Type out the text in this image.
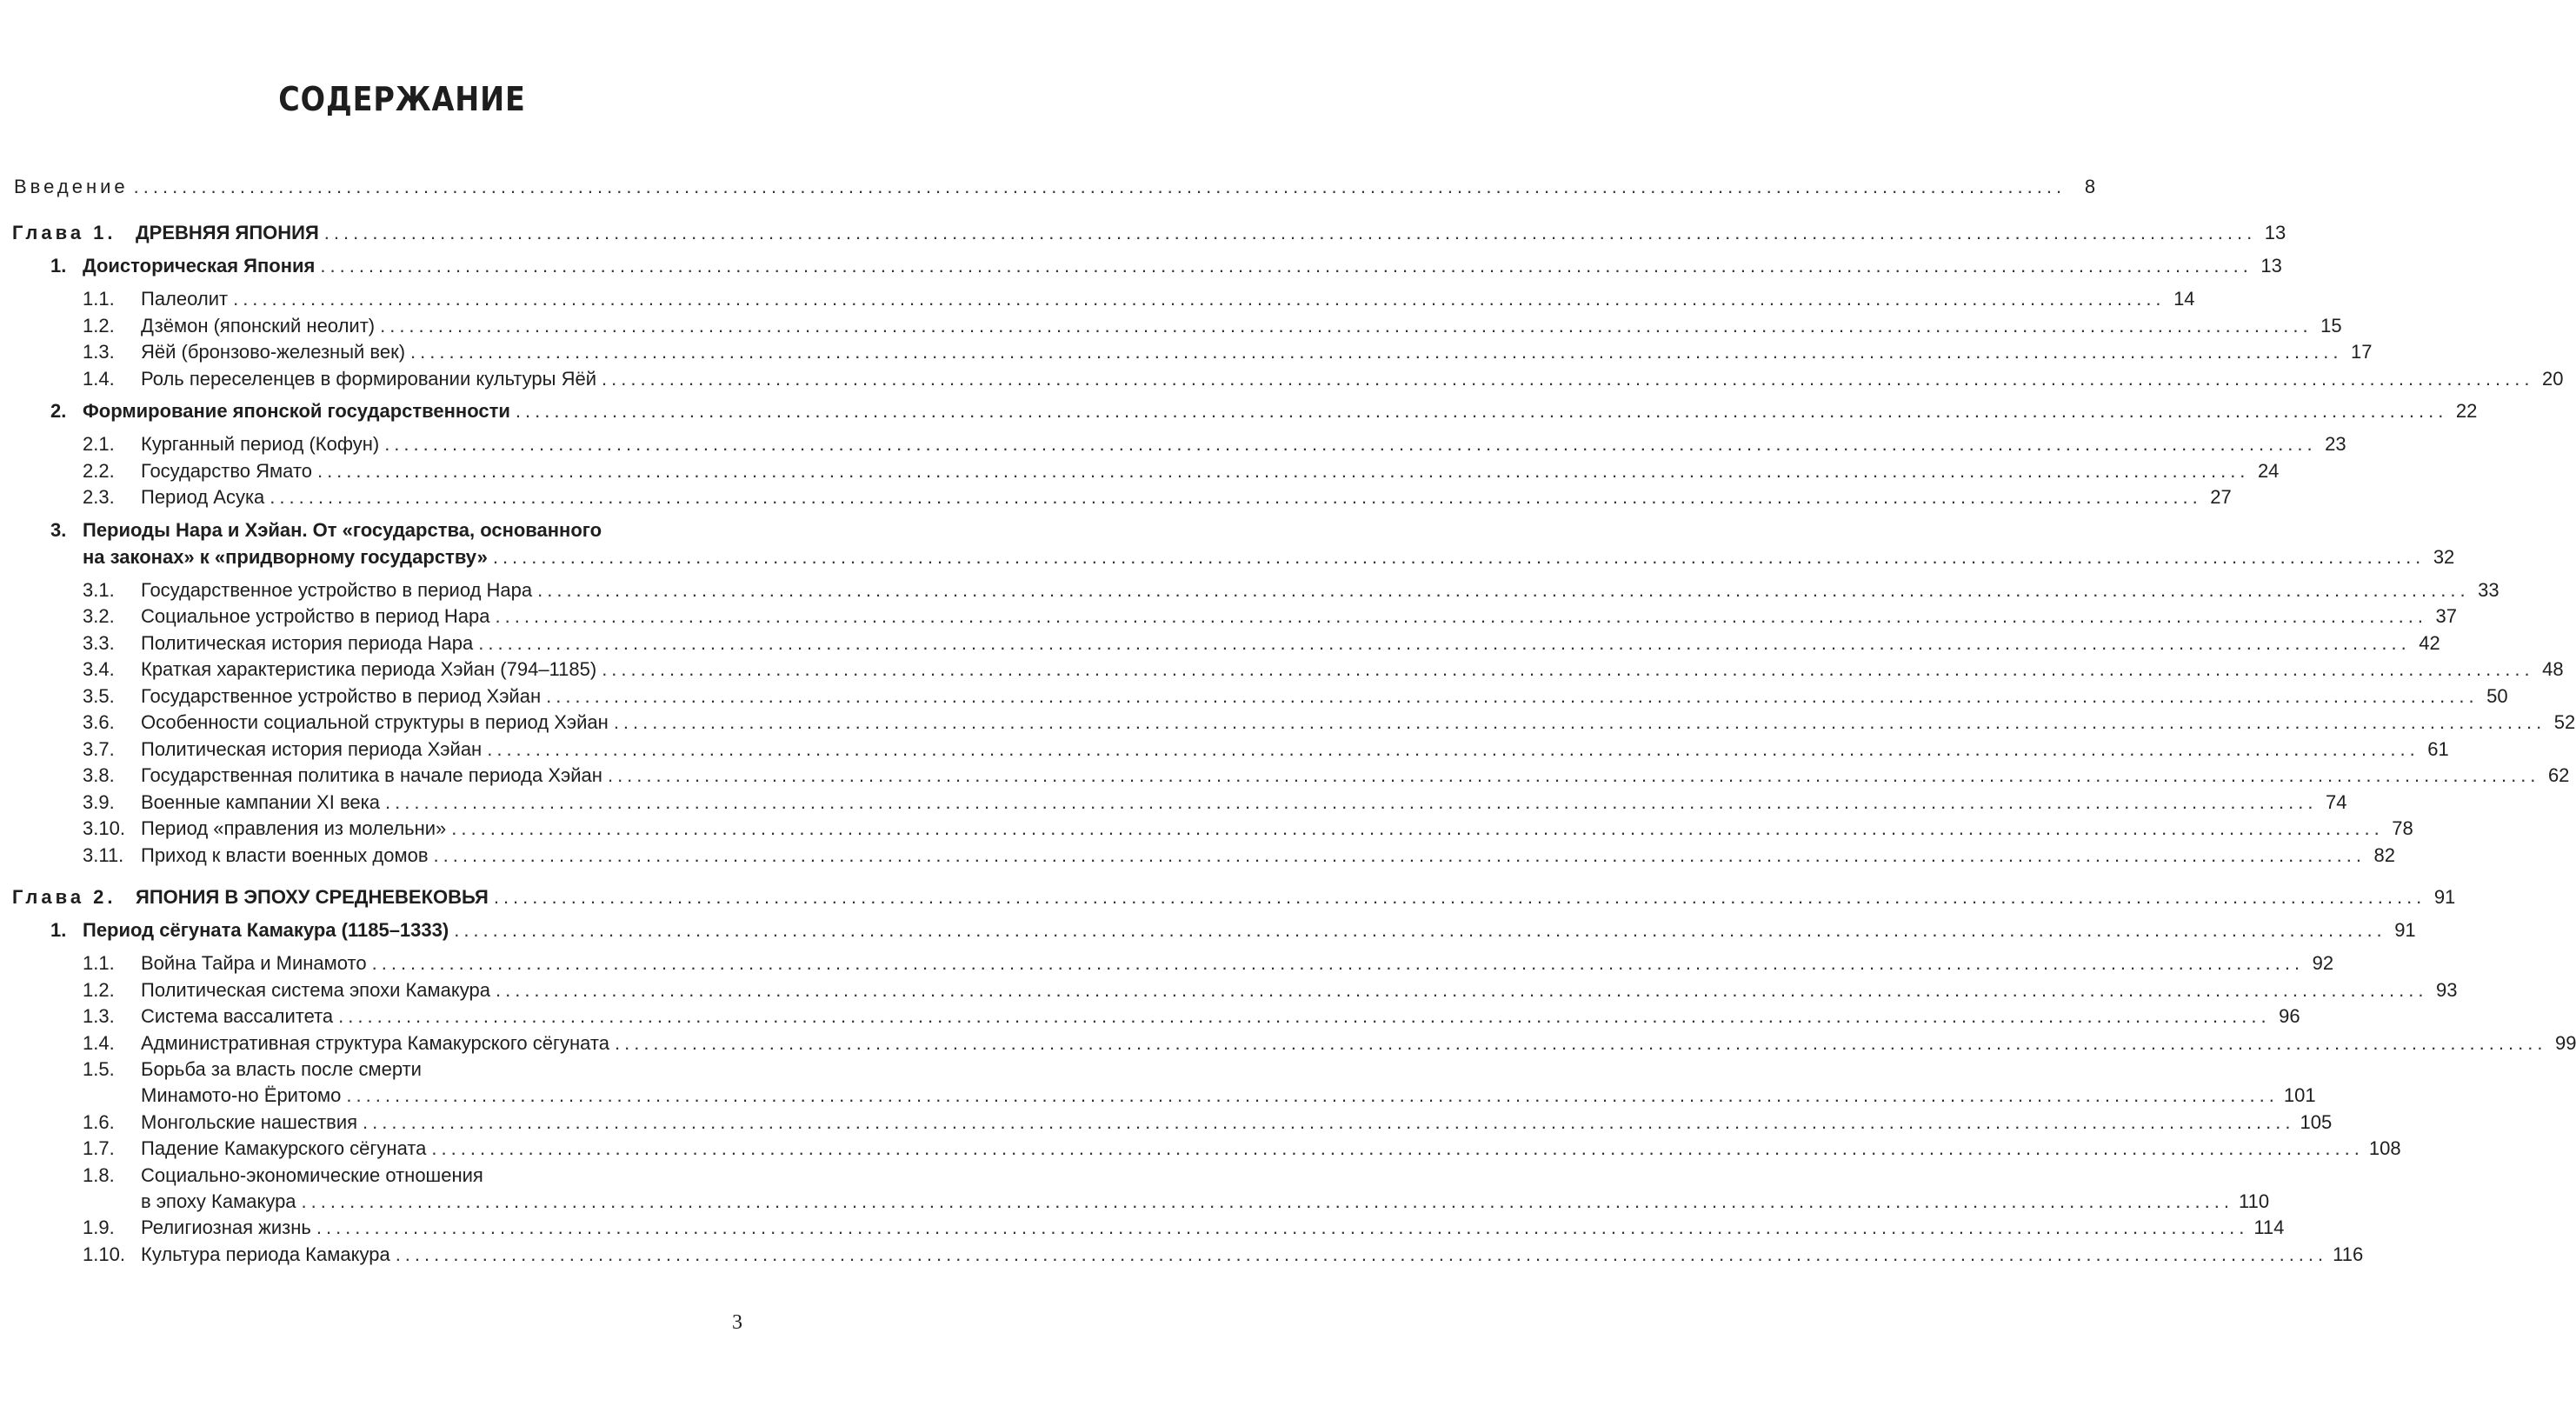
СОДЕРЖАНИЕ
Введение ........................................................................................................................................................................................................ 8
Глава 1.	ДРЕВНЯЯ ЯПОНИЯ ........................................................................................................................................................................................................ 13
1. Доисторическая Япония ........................................................................................................................................................................................................ 13
1.1.	Палеолит ........................................................................................................................................................................................................ 14
1.2.	Дзёмон (японский неолит) ........................................................................................................................................................................................................ 15
1.3.	Яёй (бронзово-железный век) ........................................................................................................................................................................................................ 17
1.4.	Роль переселенцев в формировании культуры Яёй ........................................................................................................................................................................................................ 20
2. Формирование японской государственности ........................................................................................................................................................................................................ 22
2.1.	Курганный период (Кофун) ........................................................................................................................................................................................................ 23
2.2.	Государство Ямато ........................................................................................................................................................................................................ 24
2.3.	Период Асука ........................................................................................................................................................................................................ 27
3. Периоды Нара и Хэйан. От «государства, основанного
на законах» к «придворному государству» ........................................................................................................................................................................................................ 32
3.1.	Государственное устройство в период Нара ........................................................................................................................................................................................................ 33
3.2.	Социальное устройство в период Нара ........................................................................................................................................................................................................ 37
3.3.	Политическая история периода Нара ........................................................................................................................................................................................................ 42
3.4.	Краткая характеристика периода Хэйан (794–1185) ........................................................................................................................................................................................................ 48
3.5.	Государственное устройство в период Хэйан ........................................................................................................................................................................................................ 50
3.6.	Особенности социальной структуры в период Хэйан ........................................................................................................................................................................................................ 52
3.7.	Политическая история периода Хэйан ........................................................................................................................................................................................................ 61
3.8.	Государственная политика в начале периода Хэйан ........................................................................................................................................................................................................ 62
3.9.	Военные кампании XI века ........................................................................................................................................................................................................ 74
3.10. Период «правления из молельни» ........................................................................................................................................................................................................ 78
3.11. Приход к власти военных домов ........................................................................................................................................................................................................ 82
Глава 2.	ЯПОНИЯ В ЭПОХУ СРЕДНЕВЕКОВЬЯ ........................................................................................................................................................................................................ 91
1. Период сёгуната Камакура (1185–1333) ........................................................................................................................................................................................................ 91
1.1.	Война Тайра и Минамото ........................................................................................................................................................................................................ 92
1.2.	Политическая система эпохи Камакура ........................................................................................................................................................................................................ 93
1.3.	Система вассалитета ........................................................................................................................................................................................................ 96
1.4.	Административная структура Камакурского сёгуната ........................................................................................................................................................................................................ 99
1.5. Борьба за власть после смерти
Минамото-но Ёритомо ........................................................................................................................................................................................................ 101
1.6.	Монгольские нашествия ........................................................................................................................................................................................................ 105
1.7.	Падение Камакурского сёгуната ........................................................................................................................................................................................................ 108
1.8. Социально-экономические отношения
в эпоху Камакура ........................................................................................................................................................................................................ 110
1.9.	Религиозная жизнь ........................................................................................................................................................................................................ 114
1.10. Культура периода Камакура ........................................................................................................................................................................................................ 116
3
